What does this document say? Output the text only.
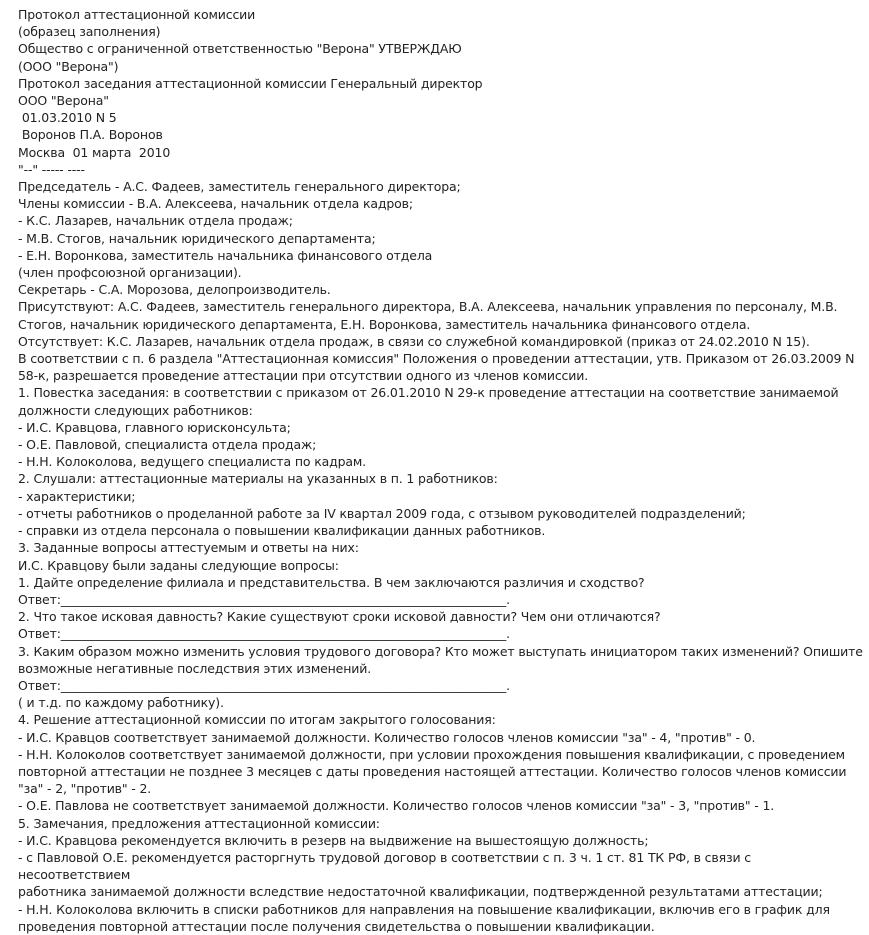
Протокол аттестационной комиссии
(образец заполнения)
Общество с ограниченной ответственностью "Верона" УТВЕРЖДАЮ
(ООО "Верона")
Протокол заседания аттестационной комиссии Генеральный директор
ООО "Верона"
01.03.2010 N 5
Воронов П.А. Воронов
Москва  01 марта  2010
"--" ----- ----
Председатель - А.С. Фадеев, заместитель генерального директора;
Члены комиссии - В.А. Алексеева, начальник отдела кадров;
- К.С. Лазарев, начальник отдела продаж;
- М.В. Стогов, начальник юридического департамента;
- Е.Н. Воронкова, заместитель начальника финансового отдела
(член профсоюзной организации).
Секретарь - С.А. Морозова, делопроизводитель.
Присутствуют: А.С. Фадеев, заместитель генерального директора, В.А. Алексеева, начальник управления по персоналу, М.В.
Стогов, начальник юридического департамента, Е.Н. Воронкова, заместитель начальника финансового отдела.
Отсутствует: К.С. Лазарев, начальник отдела продаж, в связи со служебной командировкой (приказ от 24.02.2010 N 15).
В соответствии с п. 6 раздела "Аттестационная комиссия" Положения о проведении аттестации, утв. Приказом от 26.03.2009 N
58-к, разрешается проведение аттестации при отсутствии одного из членов комиссии.
1. Повестка заседания: в соответствии с приказом от 26.01.2010 N 29-к проведение аттестации на соответствие занимаемой
должности следующих работников:
- И.С. Кравцова, главного юрисконсульта;
- О.Е. Павловой, специалиста отдела продаж;
- Н.Н. Колоколова, ведущего специалиста по кадрам.
2. Слушали: аттестационные материалы на указанных в п. 1 работников:
- характеристики;
- отчеты работников о проделанной работе за IV квартал 2009 года, с отзывом руководителей подразделений;
- справки из отдела персонала о повышении квалификации данных работников.
3. Заданные вопросы аттестуемым и ответы на них:
И.С. Кравцову были заданы следующие вопросы:
1. Дайте определение филиала и представительства. В чем заключаются различия и сходство?
Ответ:_________________________________________________________________________.
2. Что такое исковая давность? Какие существуют сроки исковой давности? Чем они отличаются?
Ответ:_________________________________________________________________________.
3. Каким образом можно изменить условия трудового договора? Кто может выступать инициатором таких изменений? Опишите
возможные негативные последствия этих изменений.
Ответ:_________________________________________________________________________.
( и т.д. по каждому работнику).
4. Решение аттестационной комиссии по итогам закрытого голосования:
- И.С. Кравцов соответствует занимаемой должности. Количество голосов членов комиссии "за" - 4, "против" - 0.
- Н.Н. Колоколов соответствует занимаемой должности, при условии прохождения повышения квалификации, с проведением
повторной аттестации не позднее 3 месяцев с даты проведения настоящей аттестации. Количество голосов членов комиссии
"за" - 2, "против" - 2.
- О.Е. Павлова не соответствует занимаемой должности. Количество голосов членов комиссии "за" - 3, "против" - 1.
5. Замечания, предложения аттестационной комиссии:
- И.С. Кравцова рекомендуется включить в резерв на выдвижение на вышестоящую должность;
- с Павловой О.Е. рекомендуется расторгнуть трудовой договор в соответствии с п. 3 ч. 1 ст. 81 ТК РФ, в связи с несоответствием
работника занимаемой должности вследствие недостаточной квалификации, подтвержденной результатами аттестации;
- Н.Н. Колоколова включить в списки работников для направления на повышение квалификации, включив его в график для
проведения повторной аттестации после получения свидетельства о повышении квалификации.
